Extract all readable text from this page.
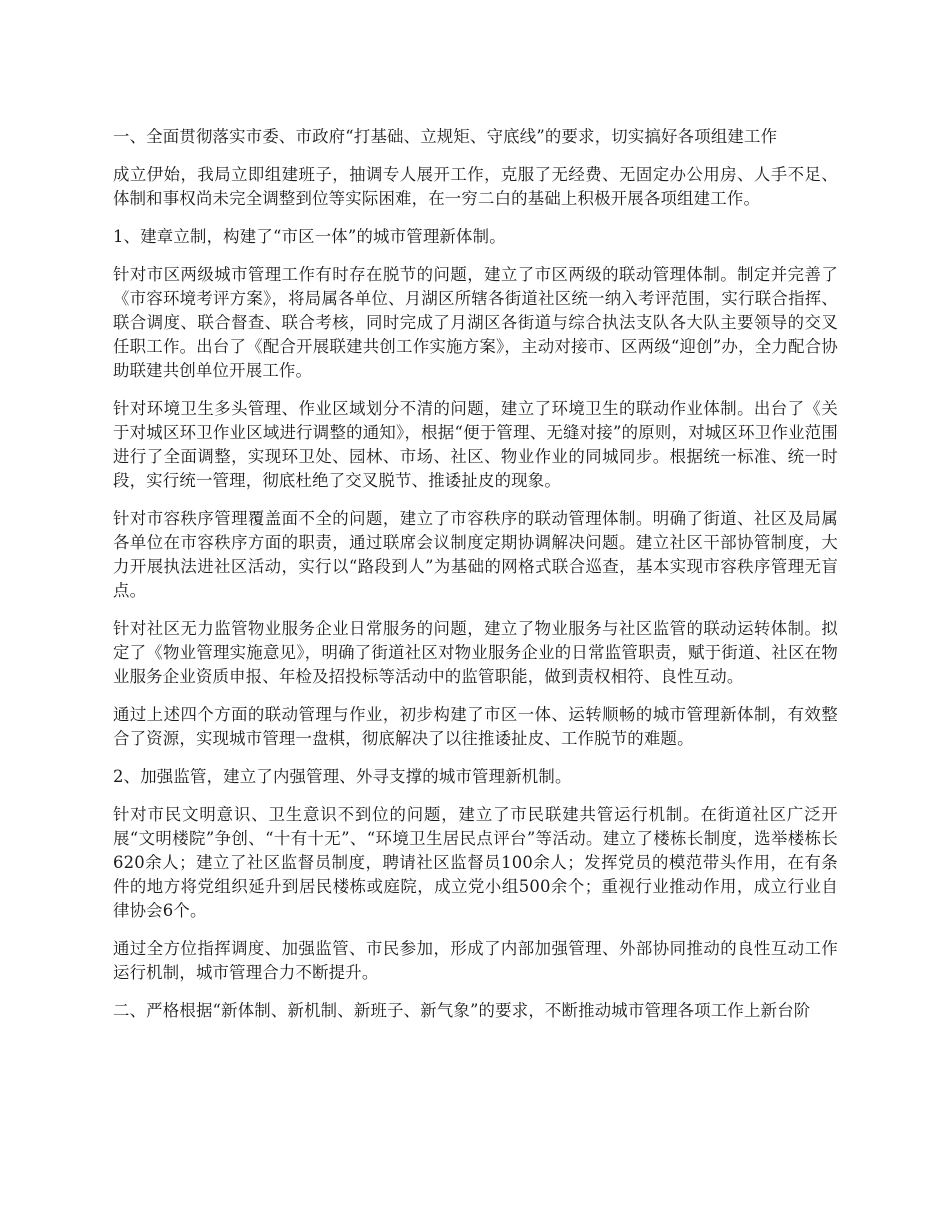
一、全面贯彻落实市委、市政府“打基础、立规矩、守底线”的要求，切实搞好各项组建工作

成立伊始，我局立即组建班子，抽调专人展开工作，克服了无经费、无固定办公用房、人手不足、体制和事权尚未完全调整到位等实际困难，在一穷二白的基础上积极开展各项组建工作。

1、建章立制，构建了“市区一体”的城市管理新体制。

针对市区两级城市管理工作有时存在脱节的问题，建立了市区两级的联动管理体制。制定并完善了《市容环境考评方案》，将局属各单位、月湖区所辖各街道社区统一纳入考评范围，实行联合指挥、联合调度、联合督查、联合考核，同时完成了月湖区各街道与综合执法支队各大队主要领导的交叉任职工作。出台了《配合开展联建共创工作实施方案》，主动对接市、区两级“迎创”办，全力配合协助联建共创单位开展工作。

针对环境卫生多头管理、作业区域划分不清的问题，建立了环境卫生的联动作业体制。出台了《关于对城区环卫作业区域进行调整的通知》，根据“便于管理、无缝对接”的原则，对城区环卫作业范围进行了全面调整，实现环卫处、园林、市场、社区、物业作业的同城同步。根据统一标准、统一时段，实行统一管理，彻底杜绝了交叉脱节、推诿扯皮的现象。

针对市容秩序管理覆盖面不全的问题，建立了市容秩序的联动管理体制。明确了街道、社区及局属各单位在市容秩序方面的职责，通过联席会议制度定期协调解决问题。建立社区干部协管制度，大力开展执法进社区活动，实行以“路段到人”为基础的网格式联合巡查，基本实现市容秩序管理无盲点。

针对社区无力监管物业服务企业日常服务的问题，建立了物业服务与社区监管的联动运转体制。拟定了《物业管理实施意见》，明确了街道社区对物业服务企业的日常监管职责，赋于街道、社区在物业服务企业资质申报、年检及招投标等活动中的监管职能，做到责权相符、良性互动。

通过上述四个方面的联动管理与作业，初步构建了市区一体、运转顺畅的城市管理新体制，有效整合了资源，实现城市管理一盘棋，彻底解决了以往推诿扯皮、工作脱节的难题。

2、加强监管，建立了内强管理、外寻支撑的城市管理新机制。

针对市民文明意识、卫生意识不到位的问题，建立了市民联建共管运行机制。在街道社区广泛开展“文明楼院”争创、“十有十无”、“环境卫生居民点评台”等活动。建立了楼栋长制度，选举楼栋长620余人；建立了社区监督员制度，聘请社区监督员100余人；发挥党员的模范带头作用，在有条件的地方将党组织延升到居民楼栋或庭院，成立党小组500余个；重视行业推动作用，成立行业自律协会6个。

通过全方位指挥调度、加强监管、市民参加，形成了内部加强管理、外部协同推动的良性互动工作运行机制，城市管理合力不断提升。

二、严格根据“新体制、新机制、新班子、新气象”的要求，不断推动城市管理各项工作上新台阶
